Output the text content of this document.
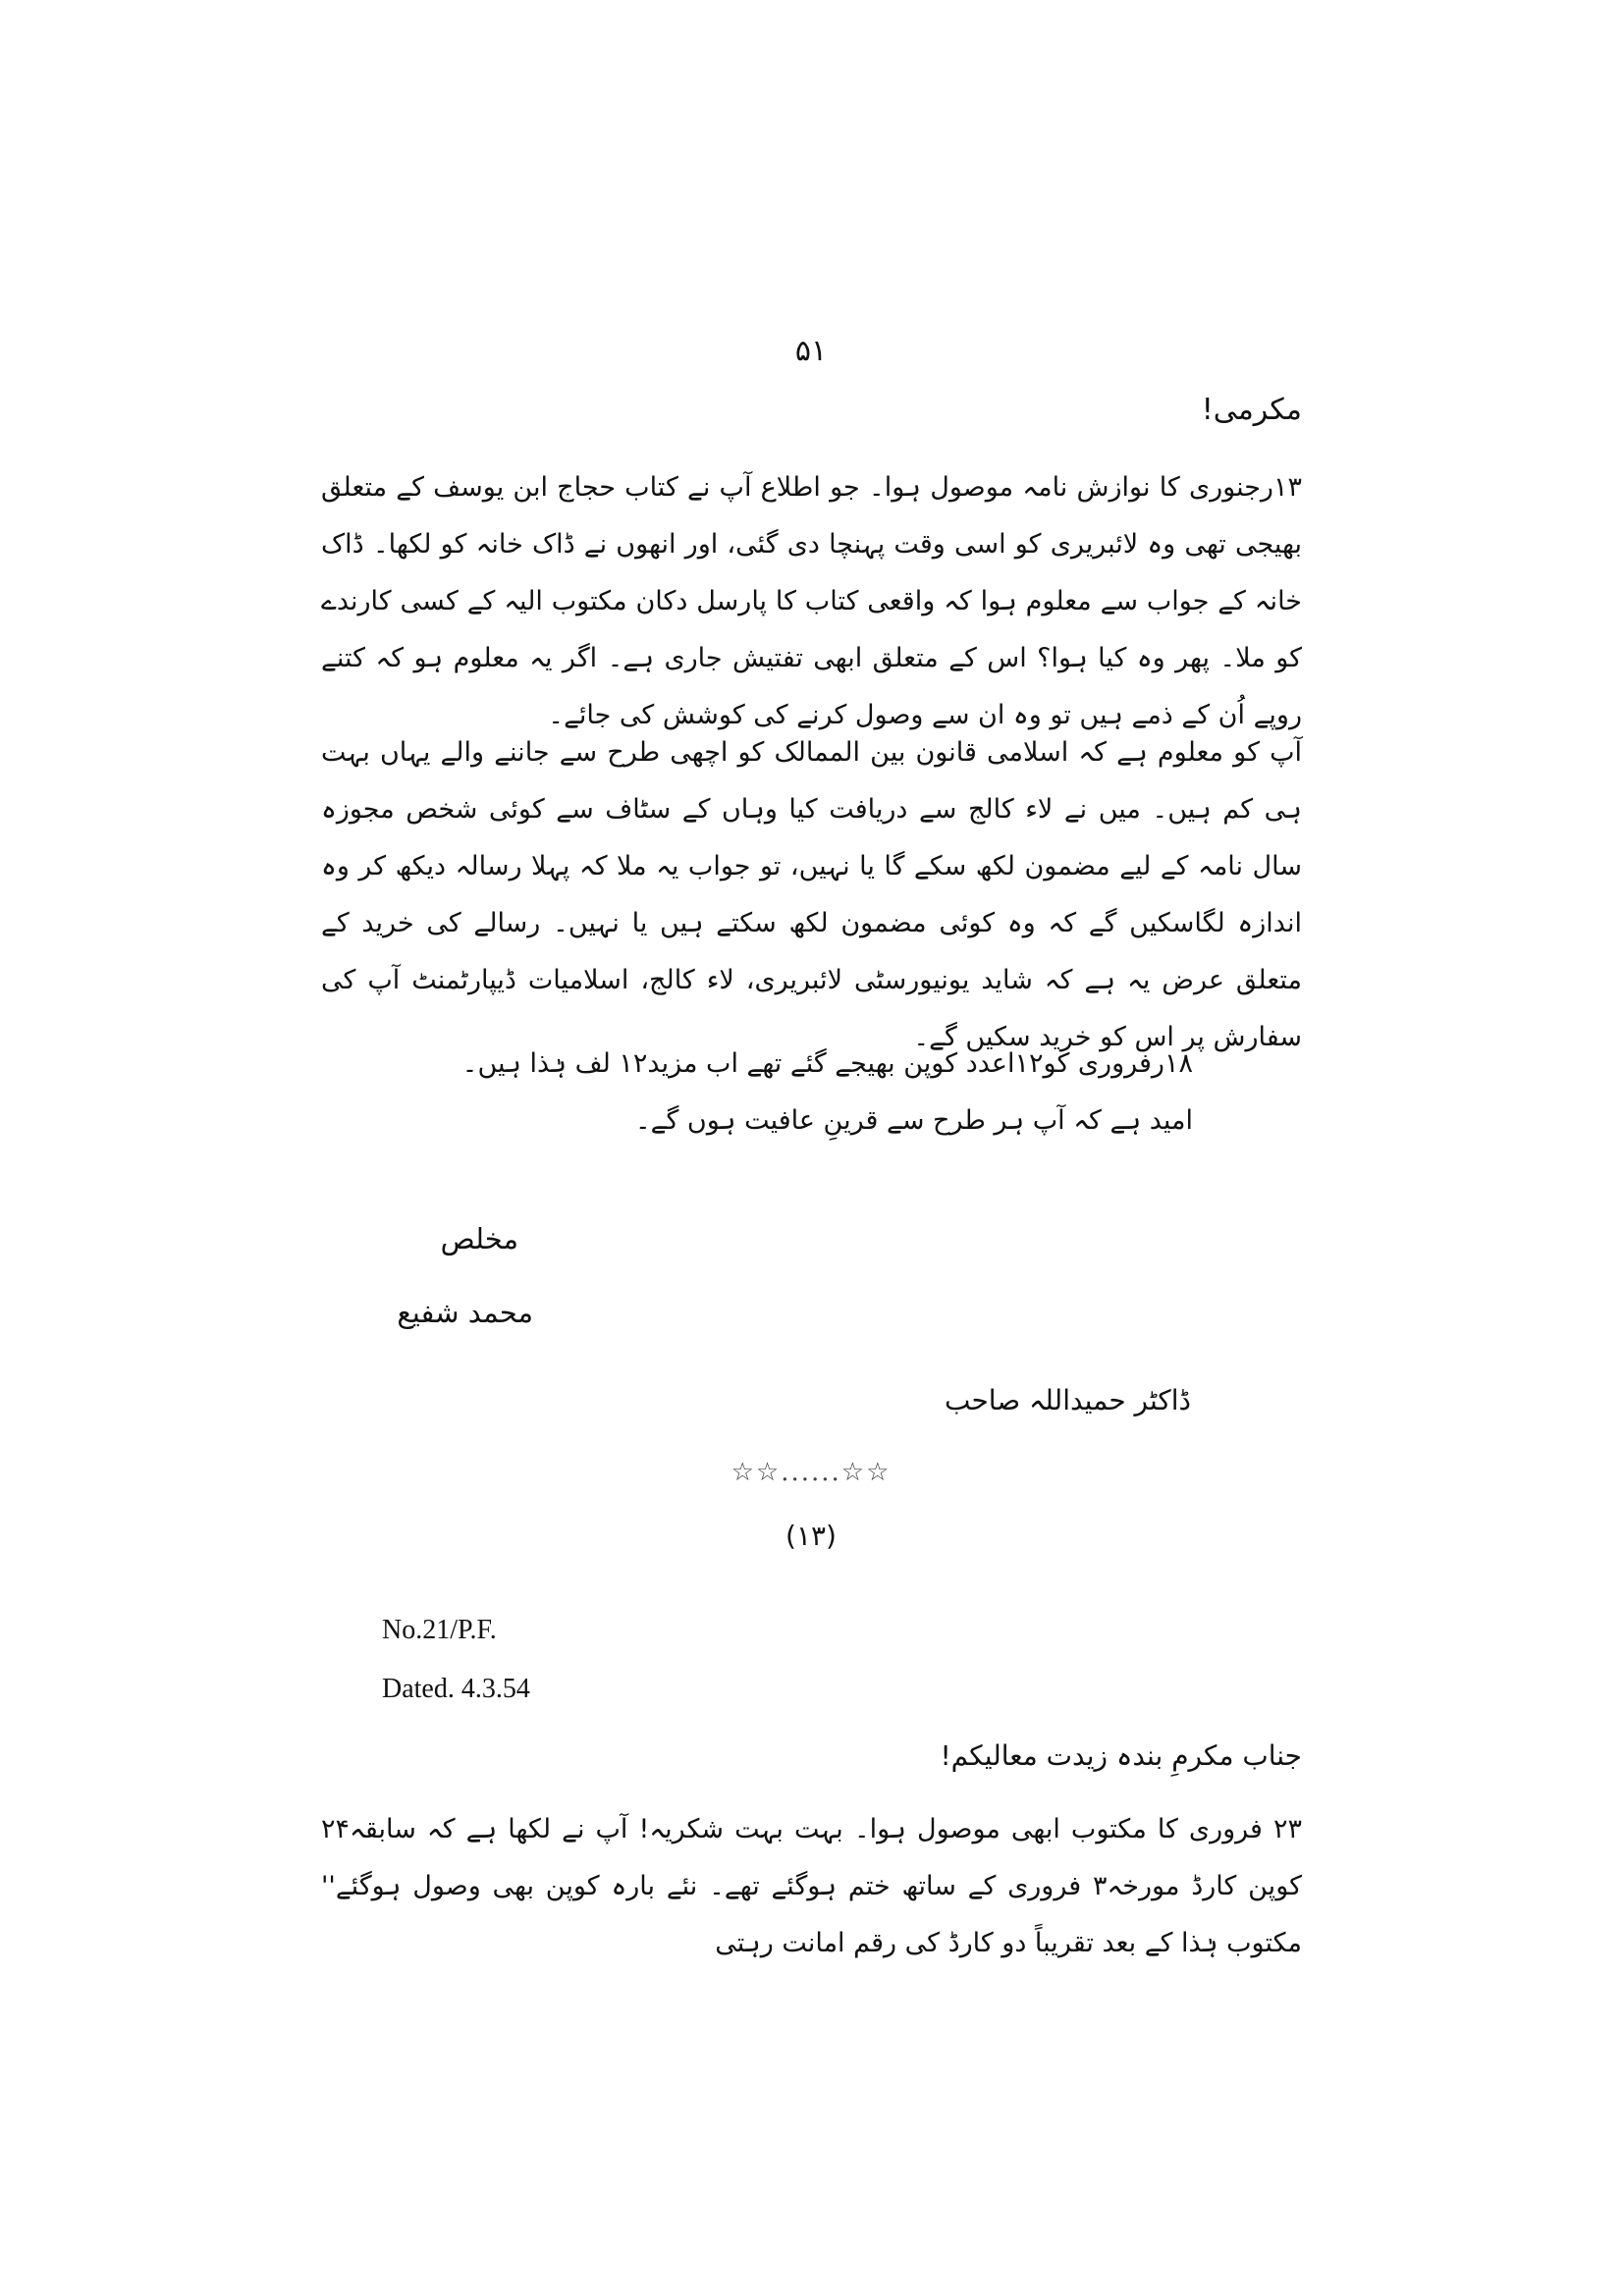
۵۱
مکرمی!
۱۳رجنوری کا نوازش نامہ موصول ہوا۔ جو اطلاع آپ نے کتاب حجاج ابن یوسف کے متعلق بھیجی تھی وہ لائبریری کو اسی وقت پہنچا دی گئی، اور انھوں نے ڈاک خانہ کو لکھا۔ ڈاک خانہ کے جواب سے معلوم ہوا کہ واقعی کتاب کا پارسل دکان مکتوب الیہ کے کسی کارندے کو ملا۔ پھر وہ کیا ہوا؟ اس کے متعلق ابھی تفتیش جاری ہے۔ اگر یہ معلوم ہو کہ کتنے روپے اُن کے ذمے ہیں تو وہ ان سے وصول کرنے کی کوشش کی جائے۔
آپ کو معلوم ہے کہ اسلامی قانون بین الممالک کو اچھی طرح سے جاننے والے یہاں بہت ہی کم ہیں۔ میں نے لاء کالج سے دریافت کیا وہاں کے سٹاف سے کوئی شخص مجوزہ سال نامہ کے لیے مضمون لکھ سکے گا یا نہیں، تو جواب یہ ملا کہ پہلا رسالہ دیکھ کر وہ اندازہ لگاسکیں گے کہ وہ کوئی مضمون لکھ سکتے ہیں یا نہیں۔ رسالے کی خرید کے متعلق عرض یہ ہے کہ شاید یونیورسٹی لائبریری، لاء کالج، اسلامیات ڈیپارٹمنٹ آپ کی سفارش پر اس کو خرید سکیں گے۔
۱۸رفروری کو۱۲اعدد کوپن بھیجے گئے تھے اب مزید۱۲ لف ہٰذا ہیں۔
امید ہے کہ آپ ہر طرح سے قرینِ عافیت ہوں گے۔
مخلص
محمد شفیع
ڈاکٹر حمیداللہ صاحب
☆☆......☆☆
(۱۳)
No.21/P.F.
Dated. 4.3.54
جناب مکرمِ بندہ زیدت معالیکم!
۲۳ فروری کا مکتوب ابھی موصول ہوا۔ بہت بہت شکریہ! آپ نے لکھا ہے کہ سابقہ۲۴ کوپن کارڈ مورخہ۳ فروری کے ساتھ ختم ہوگئے تھے۔ نئے بارہ کوپن بھی وصول ہوگئے'' مکتوب ہٰذا کے بعد تقریباً دو کارڈ کی رقم امانت رہتی
